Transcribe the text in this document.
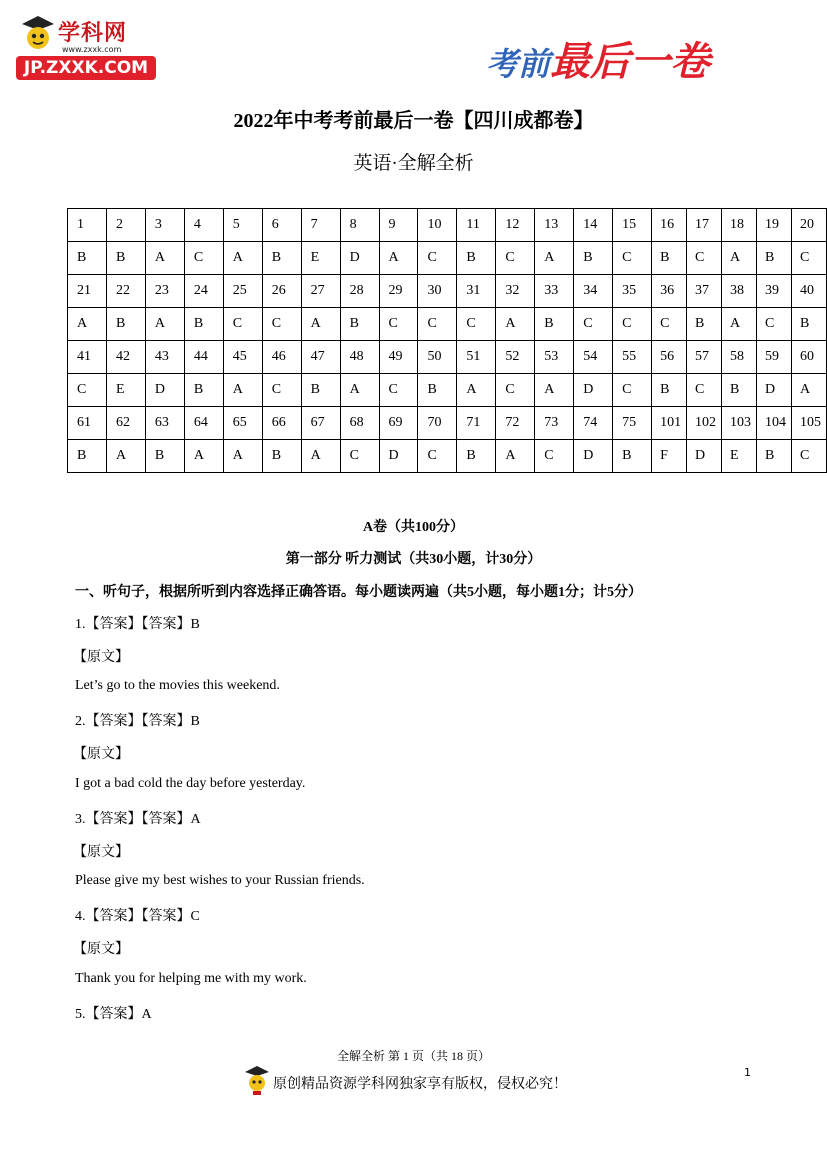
学科网
www.zxxk.com
JP.ZXXK.COM	考前最后一卷
2022年中考考前最后一卷【四川成都卷】
英语·全解全析
1	2	3	4	5	6	7	8	9	10	11	12	13	14	15	16	17	18	19	20
B	B	A	C	A	B	E	D	A	C	B	C	A	B	C	B	C	A	B	C
21	22	23	24	25	26	27	28	29	30	31	32	33	34	35	36	37	38	39	40
A	B	A	B	C	C	A	B	C	C	C	A	B	C	C	C	B	A	C	B
41	42	43	44	45	46	47	48	49	50	51	52	53	54	55	56	57	58	59	60
C	E	D	B	A	C	B	A	C	B	A	C	A	D	C	B	C	B	D	A
61	62	63	64	65	66	67	68	69	70	71	72	73	74	75	101	102	103	104	105
B	A	B	A	A	B	A	C	D	C	B	A	C	D	B	F	D	E	B	C
A卷（共100分）
第一部分 听力测试（共30小题，计30分）
一、听句子，根据所听到内容选择正确答语。每小题读两遍（共5小题，每小题1分；计5分）
1.【答案】【答案】B
【原文】
Let’s go to the movies this weekend.
2.【答案】【答案】B
【原文】
I got a bad cold the day before yesterday.
3.【答案】【答案】A
【原文】
Please give my best wishes to your Russian friends.
4.【答案】【答案】C
【原文】
Thank you for helping me with my work.
5.【答案】A
全解全析 第 1 页（共 18 页）
原创精品资源学科网独家享有版权，侵权必究！
1
